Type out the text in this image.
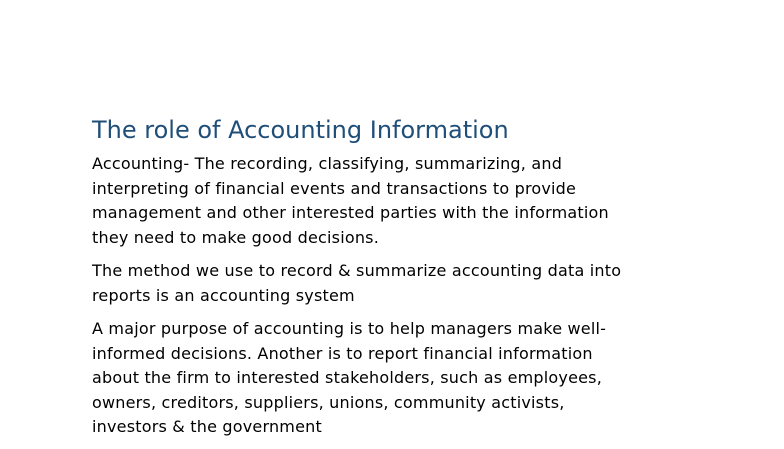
The role of Accounting Information

Accounting- The recording, classifying, summarizing, and
interpreting of financial events and transactions to provide
management and other interested parties with the information
they need to make good decisions.

The method we use to record & summarize accounting data into
reports is an accounting system

A major purpose of accounting is to help managers make well-
informed decisions. Another is to report financial information
about the firm to interested stakeholders, such as employees,
owners, creditors, suppliers, unions, community activists,
investors & the government
